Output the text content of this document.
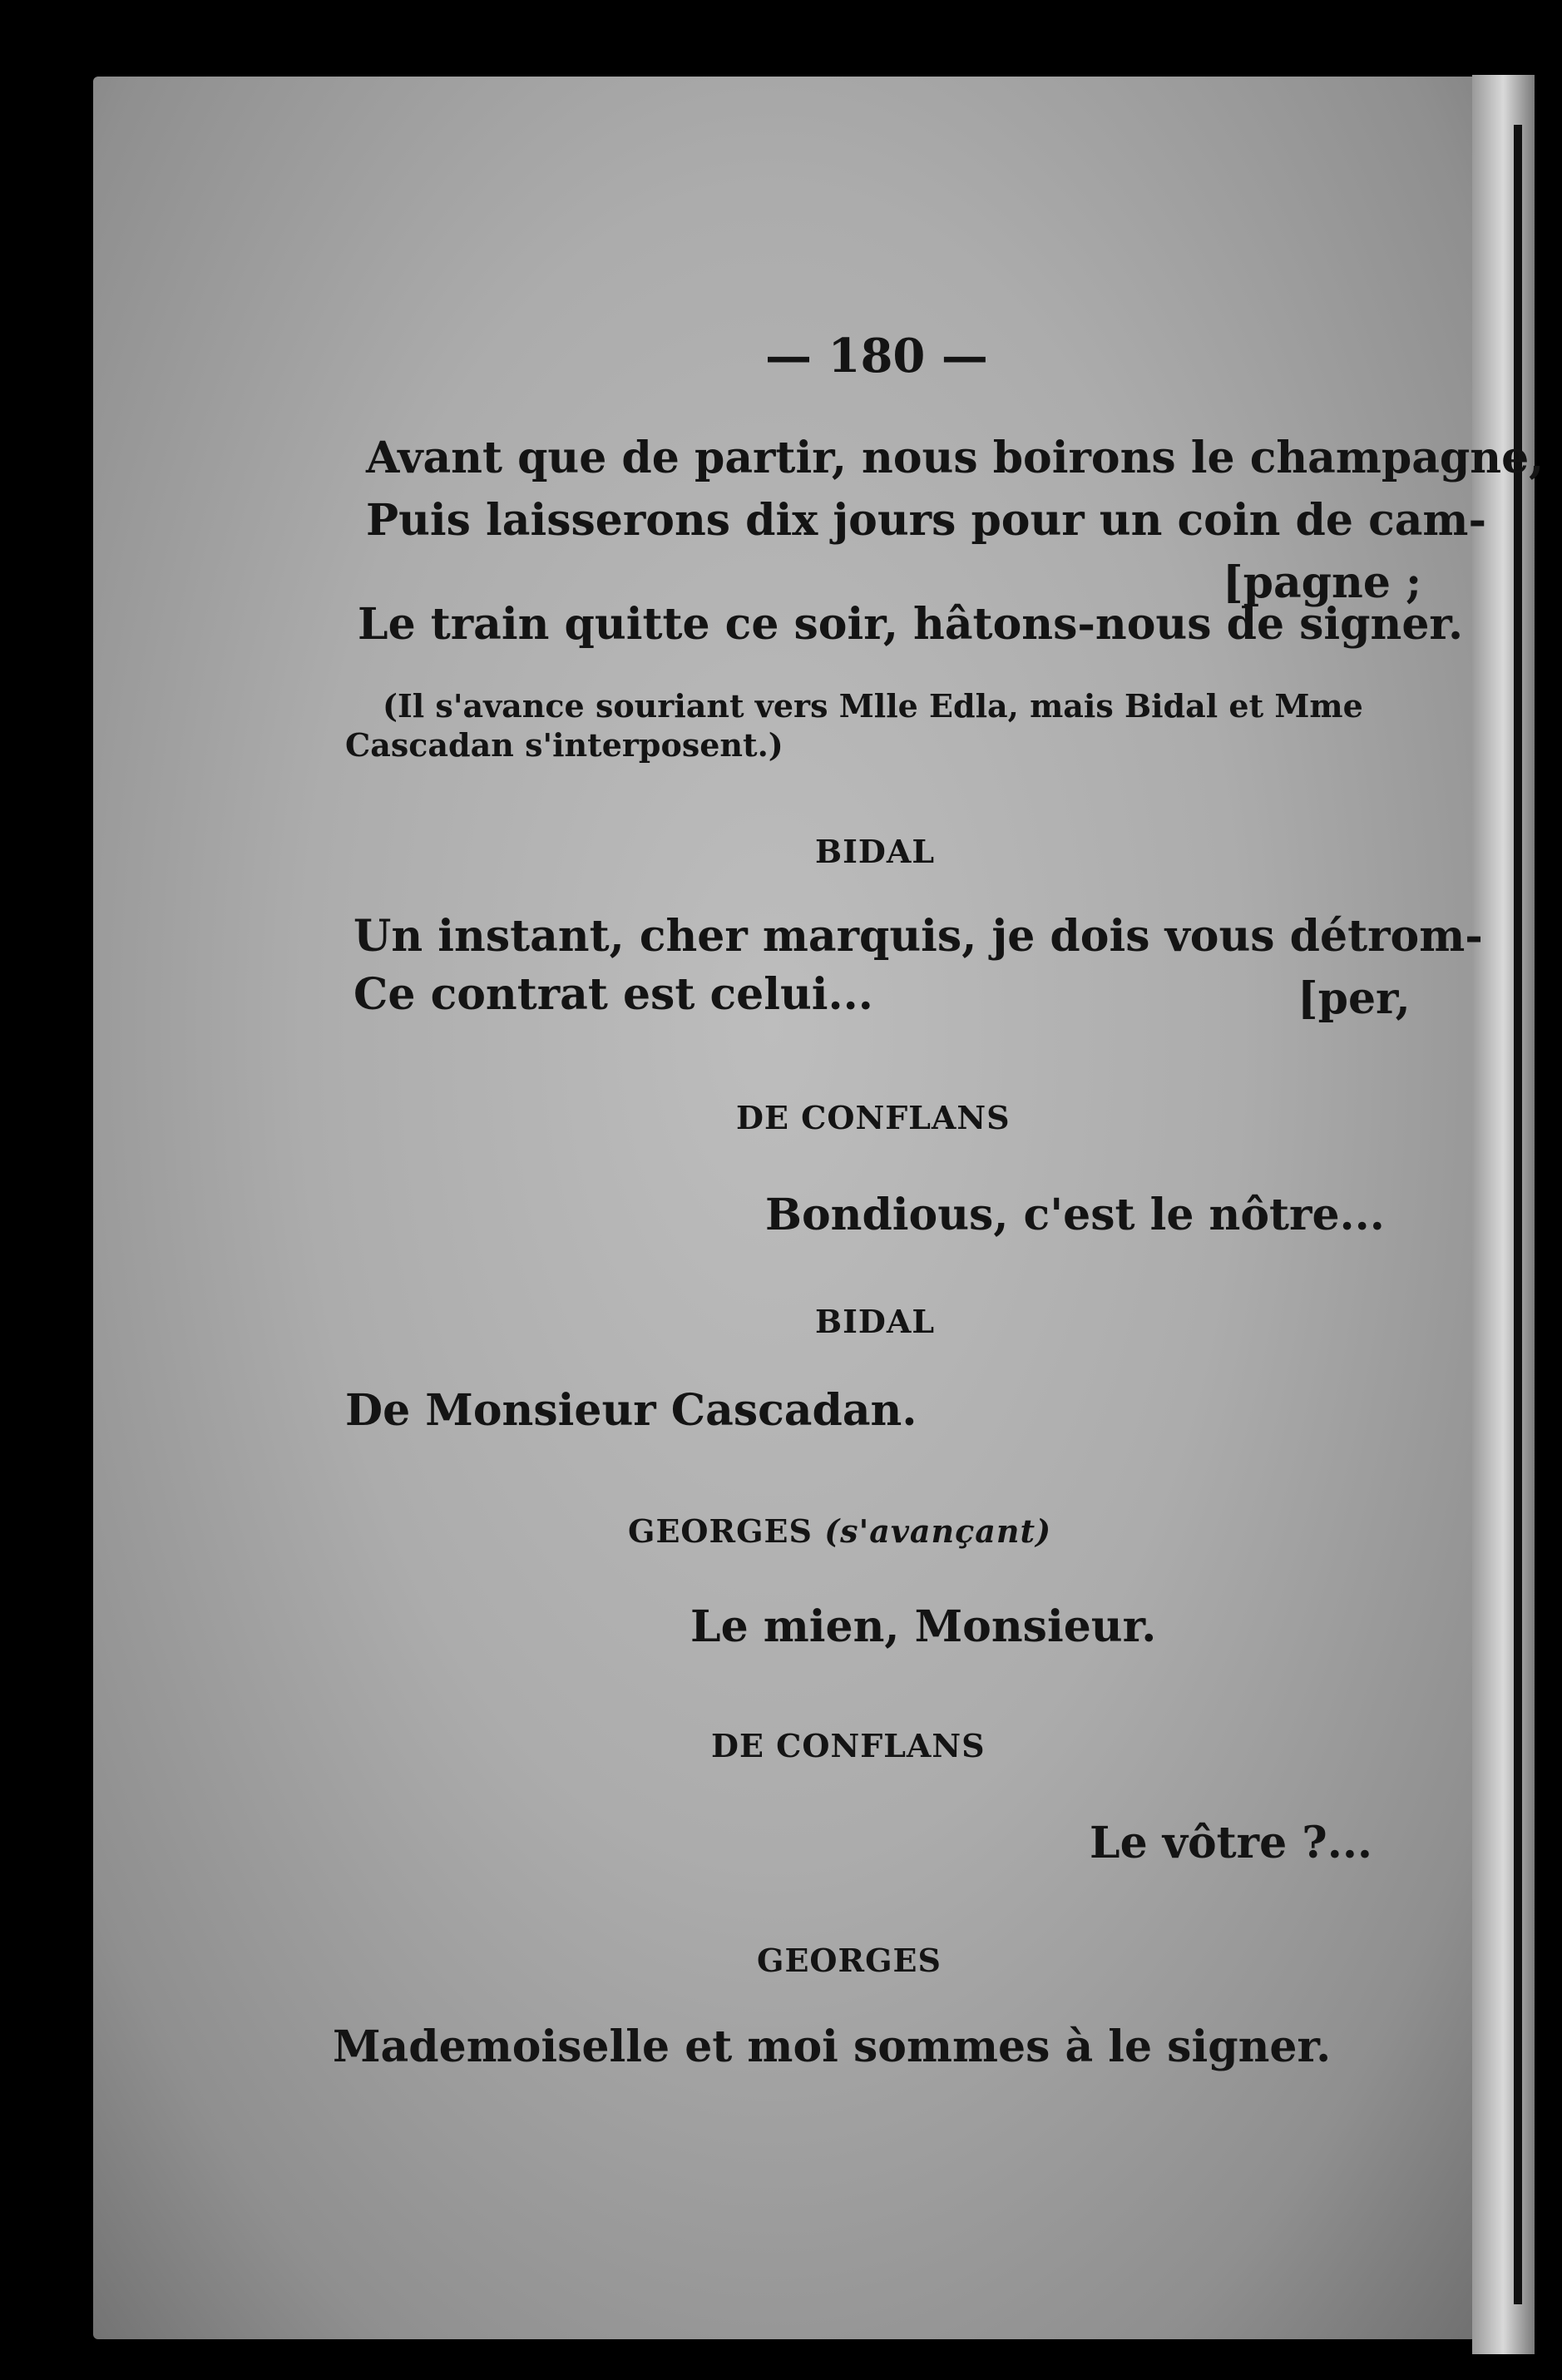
— 180 —
Avant que de partir, nous boirons le champagne,
Puis laisserons dix jours pour un coin de cam-
[pagne ;
Le train quitte ce soir, hâtons-nous de signer.
(Il s'avance souriant vers Mlle Edla, mais Bidal et Mme
Cascadan s'interposent.)
BIDAL
Un instant, cher marquis, je dois vous détrom-
Ce contrat est celui...	[per,
DE CONFLANS
Bondious, c'est le nôtre...
BIDAL
De Monsieur Cascadan.
GEORGES (s'avançant)
Le mien, Monsieur.
DE CONFLANS
Le vôtre ?...
GEORGES
Mademoiselle et moi sommes à le signer.
